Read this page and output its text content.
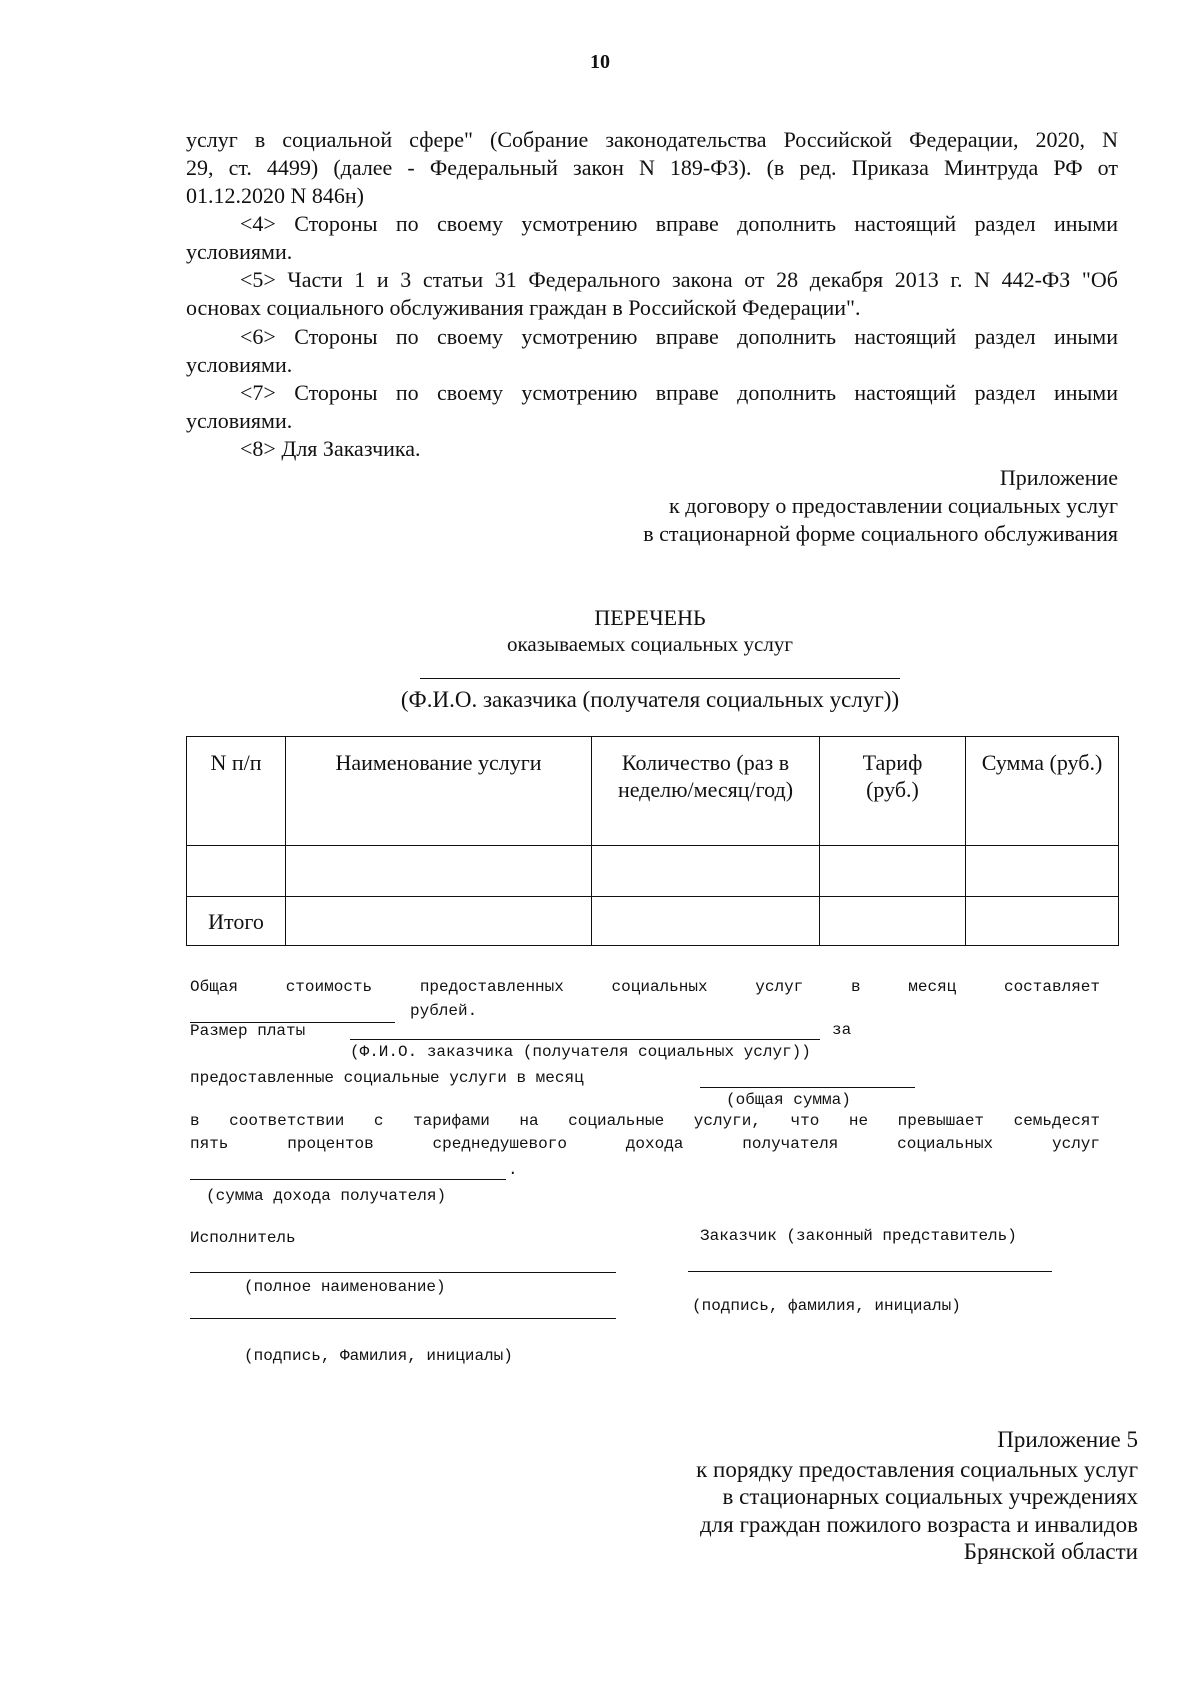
10
услуг в социальной сфере" (Собрание законодательства Российской Федерации, 2020, N
29, ст. 4499) (далее - Федеральный закон N 189-ФЗ). (в ред. Приказа Минтруда РФ от
01.12.2020 N 846н)
<4> Стороны по своему усмотрению вправе дополнить настоящий раздел иными
условиями.
<5> Части 1 и 3 статьи 31 Федерального закона от 28 декабря 2013 г. N 442-ФЗ "Об
основах социального обслуживания граждан в Российской Федерации".
<6> Стороны по своему усмотрению вправе дополнить настоящий раздел иными
условиями.
<7> Стороны по своему усмотрению вправе дополнить настоящий раздел иными
условиями.
<8> Для Заказчика.
Приложение
к договору о предоставлении социальных услуг
в стационарной форме социального обслуживания
ПЕРЕЧЕНЬ
оказываемых социальных услуг
(Ф.И.О. заказчика (получателя социальных услуг))
N п/п	Наименование услуги	Количество (раз в неделю/месяц/год)	Тариф (руб.)	Сумма (руб.)

Итого				
Общая стоимость предоставленных социальных услуг в месяц составляет
рублей.
Размер платы	за
(Ф.И.О. заказчика (получателя социальных услуг))
предоставленные социальные услуги в месяц
(общая сумма)
в соответствии с тарифами на социальные услуги, что не превышает семьдесят
пять процентов среднедушевого дохода получателя социальных услуг
.
(сумма дохода получателя)
Исполнитель
(полное наименование)
(подпись, Фамилия, инициалы)
Заказчик (законный представитель)
(подпись, фамилия, инициалы)
Приложение 5
к порядку предоставления социальных услуг
в стационарных социальных учреждениях
для граждан пожилого возраста и инвалидов
Брянской области
